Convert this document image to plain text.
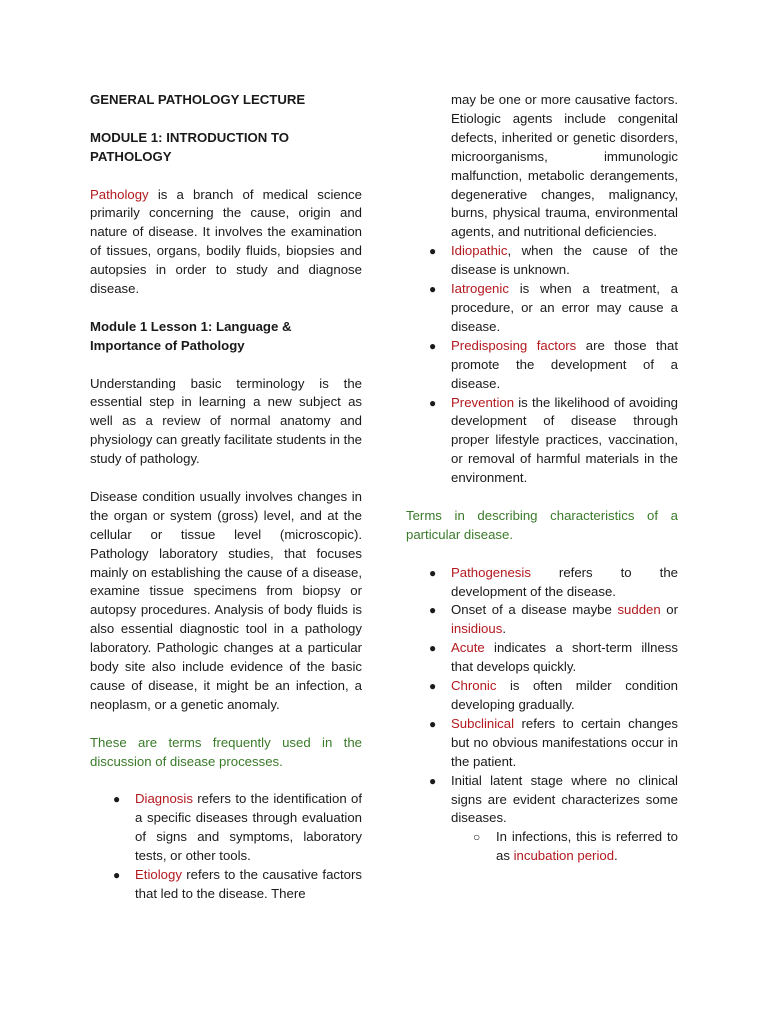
GENERAL PATHOLOGY LECTURE

MODULE 1: INTRODUCTION TO PATHOLOGY

Pathology is a branch of medical science primarily concerning the cause, origin and nature of disease. It involves the examination of tissues, organs, bodily fluids, biopsies and autopsies in order to study and diagnose disease.

Module 1 Lesson 1: Language & Importance of Pathology

Understanding basic terminology is the essential step in learning a new subject as well as a review of normal anatomy and physiology can greatly facilitate students in the study of pathology.

Disease condition usually involves changes in the organ or system (gross) level, and at the cellular or tissue level (microscopic). Pathology laboratory studies, that focuses mainly on establishing the cause of a disease, examine tissue specimens from biopsy or autopsy procedures. Analysis of body fluids is also essential diagnostic tool in a pathology laboratory. Pathologic changes at a particular body site also include evidence of the basic cause of disease, it might be an infection, a neoplasm, or a genetic anomaly.

These are terms frequently used in the discussion of disease processes.

● Diagnosis refers to the identification of a specific diseases through evaluation of signs and symptoms, laboratory tests, or other tools.
● Etiology refers to the causative factors that led to the disease. There

may be one or more causative factors. Etiologic agents include congenital defects, inherited or genetic disorders, microorganisms, immunologic malfunction, metabolic derangements, degenerative changes, malignancy, burns, physical trauma, environmental agents, and nutritional deficiencies.

● Idiopathic, when the cause of the disease is unknown.
● Iatrogenic is when a treatment, a procedure, or an error may cause a disease.
● Predisposing factors are those that promote the development of a disease.
● Prevention is the likelihood of avoiding development of disease through proper lifestyle practices, vaccination, or removal of harmful materials in the environment.

Terms in describing characteristics of a particular disease.

● Pathogenesis refers to the development of the disease.
● Onset of a disease maybe sudden or insidious.
● Acute indicates a short-term illness that develops quickly.
● Chronic is often milder condition developing gradually.
● Subclinical refers to certain changes but no obvious manifestations occur in the patient.
● Initial latent stage where no clinical signs are evident characterizes some diseases.
○ In infections, this is referred to as incubation period.
